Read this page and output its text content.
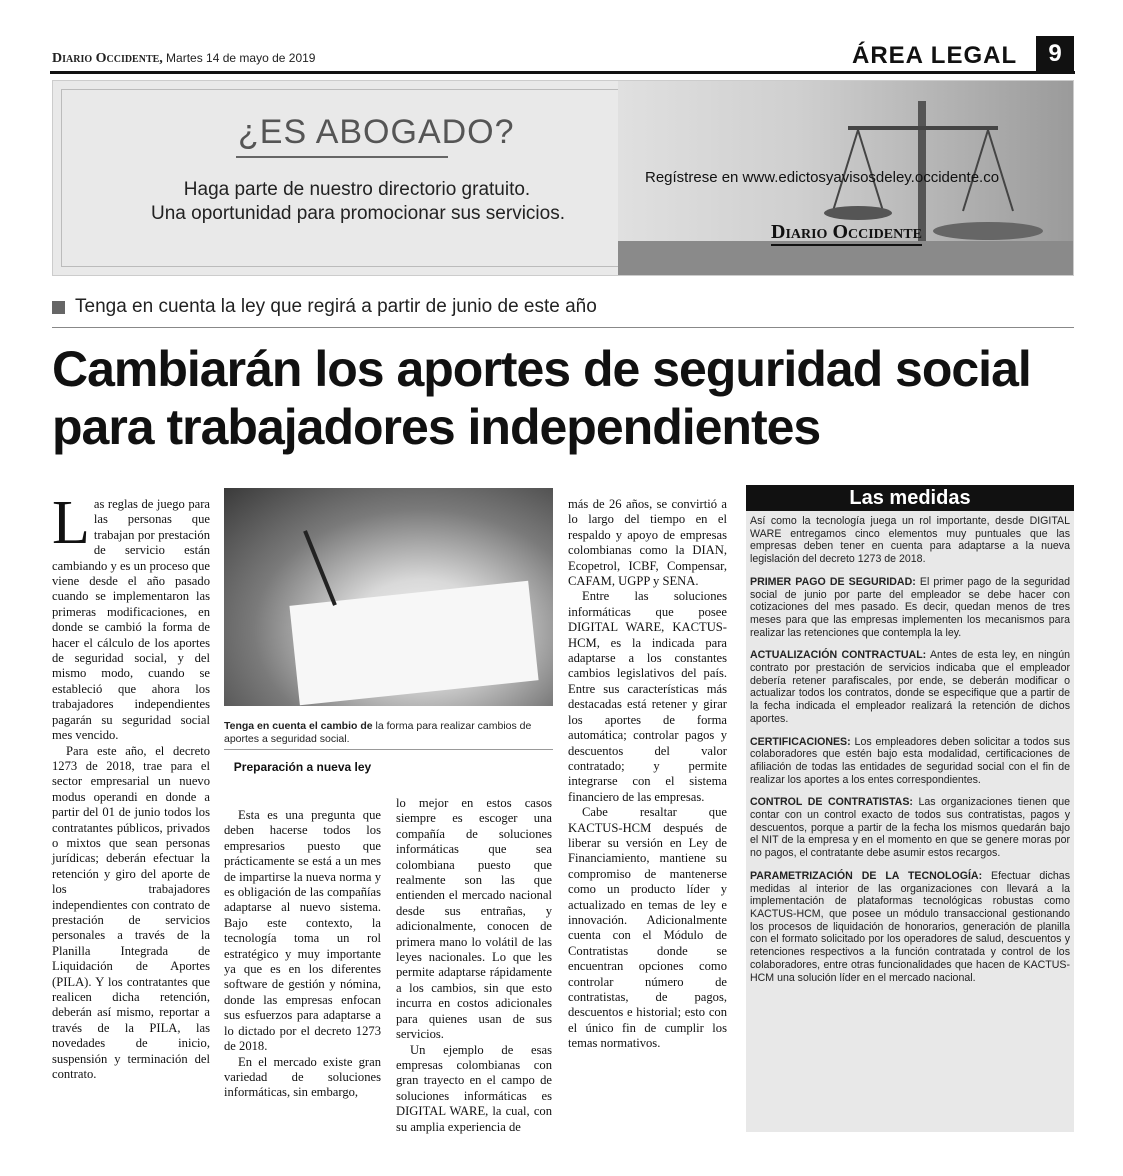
Diario Occidente, Martes 14 de mayo de 2019	ÁREA LEGAL	9
¿ES ABOGADO?
Haga parte de nuestro directorio gratuito.
Una oportunidad para promocionar sus servicios.
Regístrese en www.edictosyavisosdeley.occidente.co
Diario Occidente
Tenga en cuenta la ley que regirá a partir de junio de este año
Cambiarán los aportes de seguridad social para trabajadores independientes

Las reglas de juego para las personas que trabajan por prestación de servicio están cambiando y es un proceso que viene desde el año pasado cuando se implementaron las primeras modificaciones, en donde se cambió la forma de hacer el cálculo de los aportes de seguridad social, y del mismo modo, cuando se estableció que ahora los trabajadores independientes pagarán su seguridad social mes vencido.

Para este año, el decreto 1273 de 2018, trae para el sector empresarial un nuevo modus operandi en donde a partir del 01 de junio todos los contratantes públicos, privados o mixtos que sean personas jurídicas; deberán efectuar la retención y giro del aporte de los trabajadores independientes con contrato de prestación de servicios personales a través de la Planilla Integrada de Liquidación de Aportes (PILA). Y los contratantes que realicen dicha retención, deberán así mismo, reportar a través de la PILA, las novedades de inicio, suspensión y terminación del contrato.

Tenga en cuenta el cambio de la forma para realizar cambios de aportes a seguridad social.
Preparación a nueva ley

Esta es una pregunta que deben hacerse todos los empresarios puesto que prácticamente se está a un mes de impartirse la nueva norma y es obligación de las compañías adaptarse al nuevo sistema. Bajo este contexto, la tecnología toma un rol estratégico y muy importante ya que es en los diferentes software de gestión y nómina, donde las empresas enfocan sus esfuerzos para adaptarse a lo dictado por el decreto 1273 de 2018.

En el mercado existe gran variedad de soluciones informáticas, sin embargo,

lo mejor en estos casos siempre es escoger una compañía de soluciones informáticas que sea colombiana puesto que realmente son las que entienden el mercado nacional desde sus entrañas, y adicionalmente, conocen de primera mano lo volátil de las leyes nacionales. Lo que les permite adaptarse rápidamente a los cambios, sin que esto incurra en costos adicionales para quienes usan de sus servicios.

Un ejemplo de esas empresas colombianas con gran trayecto en el campo de soluciones informáticas es DIGITAL WARE, la cual, con su amplia experiencia de

más de 26 años, se convirtió a lo largo del tiempo en el respaldo y apoyo de empresas colombianas como la DIAN, Ecopetrol, ICBF, Compensar, CAFAM, UGPP y SENA.

Entre las soluciones informáticas que posee DIGITAL WARE, KACTUS-HCM, es la indicada para adaptarse a los constantes cambios legislativos del país. Entre sus características más destacadas está retener y girar los aportes de forma automática; controlar pagos y descuentos del valor contratado; y permite integrarse con el sistema financiero de las empresas.

Cabe resaltar que KACTUS-HCM después de liberar su versión en Ley de Financiamiento, mantiene su compromiso de mantenerse como un producto líder y actualizado en temas de ley e innovación. Adicionalmente cuenta con el Módulo de Contratistas donde se encuentran opciones como controlar número de contratistas, de pagos, descuentos e historial; esto con el único fin de cumplir los temas normativos.

Las medidas

Así como la tecnología juega un rol importante, desde DIGITAL WARE entregamos cinco elementos muy puntuales que las empresas deben tener en cuenta para adaptarse a la nueva legislación del decreto 1273 de 2018.

PRIMER PAGO DE SEGURIDAD: El primer pago de la seguridad social de junio por parte del empleador se debe hacer con cotizaciones del mes pasado. Es decir, quedan menos de tres meses para que las empresas implementen los mecanismos para realizar las retenciones que contempla la ley.

ACTUALIZACIÓN CONTRACTUAL: Antes de esta ley, en ningún contrato por prestación de servicios indicaba que el empleador debería retener parafiscales, por ende, se deberán modificar o actualizar todos los contratos, donde se especifique que a partir de la fecha indicada el empleador realizará la retención de dichos aportes.

CERTIFICACIONES: Los empleadores deben solicitar a todos sus colaboradores que estén bajo esta modalidad, certificaciones de afiliación de todas las entidades de seguridad social con el fin de realizar los aportes a los entes correspondientes.

CONTROL DE CONTRATISTAS: Las organizaciones tienen que contar con un control exacto de todos sus contratistas, pagos y descuentos, porque a partir de la fecha los mismos quedarán bajo el NIT de la empresa y en el momento en que se genere moras por no pagos, el contratante debe asumir estos recargos.

PARAMETRIZACIÓN DE LA TECNOLOGÍA: Efectuar dichas medidas al interior de las organizaciones con llevará a la implementación de plataformas tecnológicas robustas como KACTUS-HCM, que posee un módulo transaccional gestionando los procesos de liquidación de honorarios, generación de planilla con el formato solicitado por los operadores de salud, descuentos y retenciones respectivos a la función contratada y control de los colaboradores, entre otras funcionalidades que hacen de KACTUS-HCM una solución líder en el mercado nacional.
